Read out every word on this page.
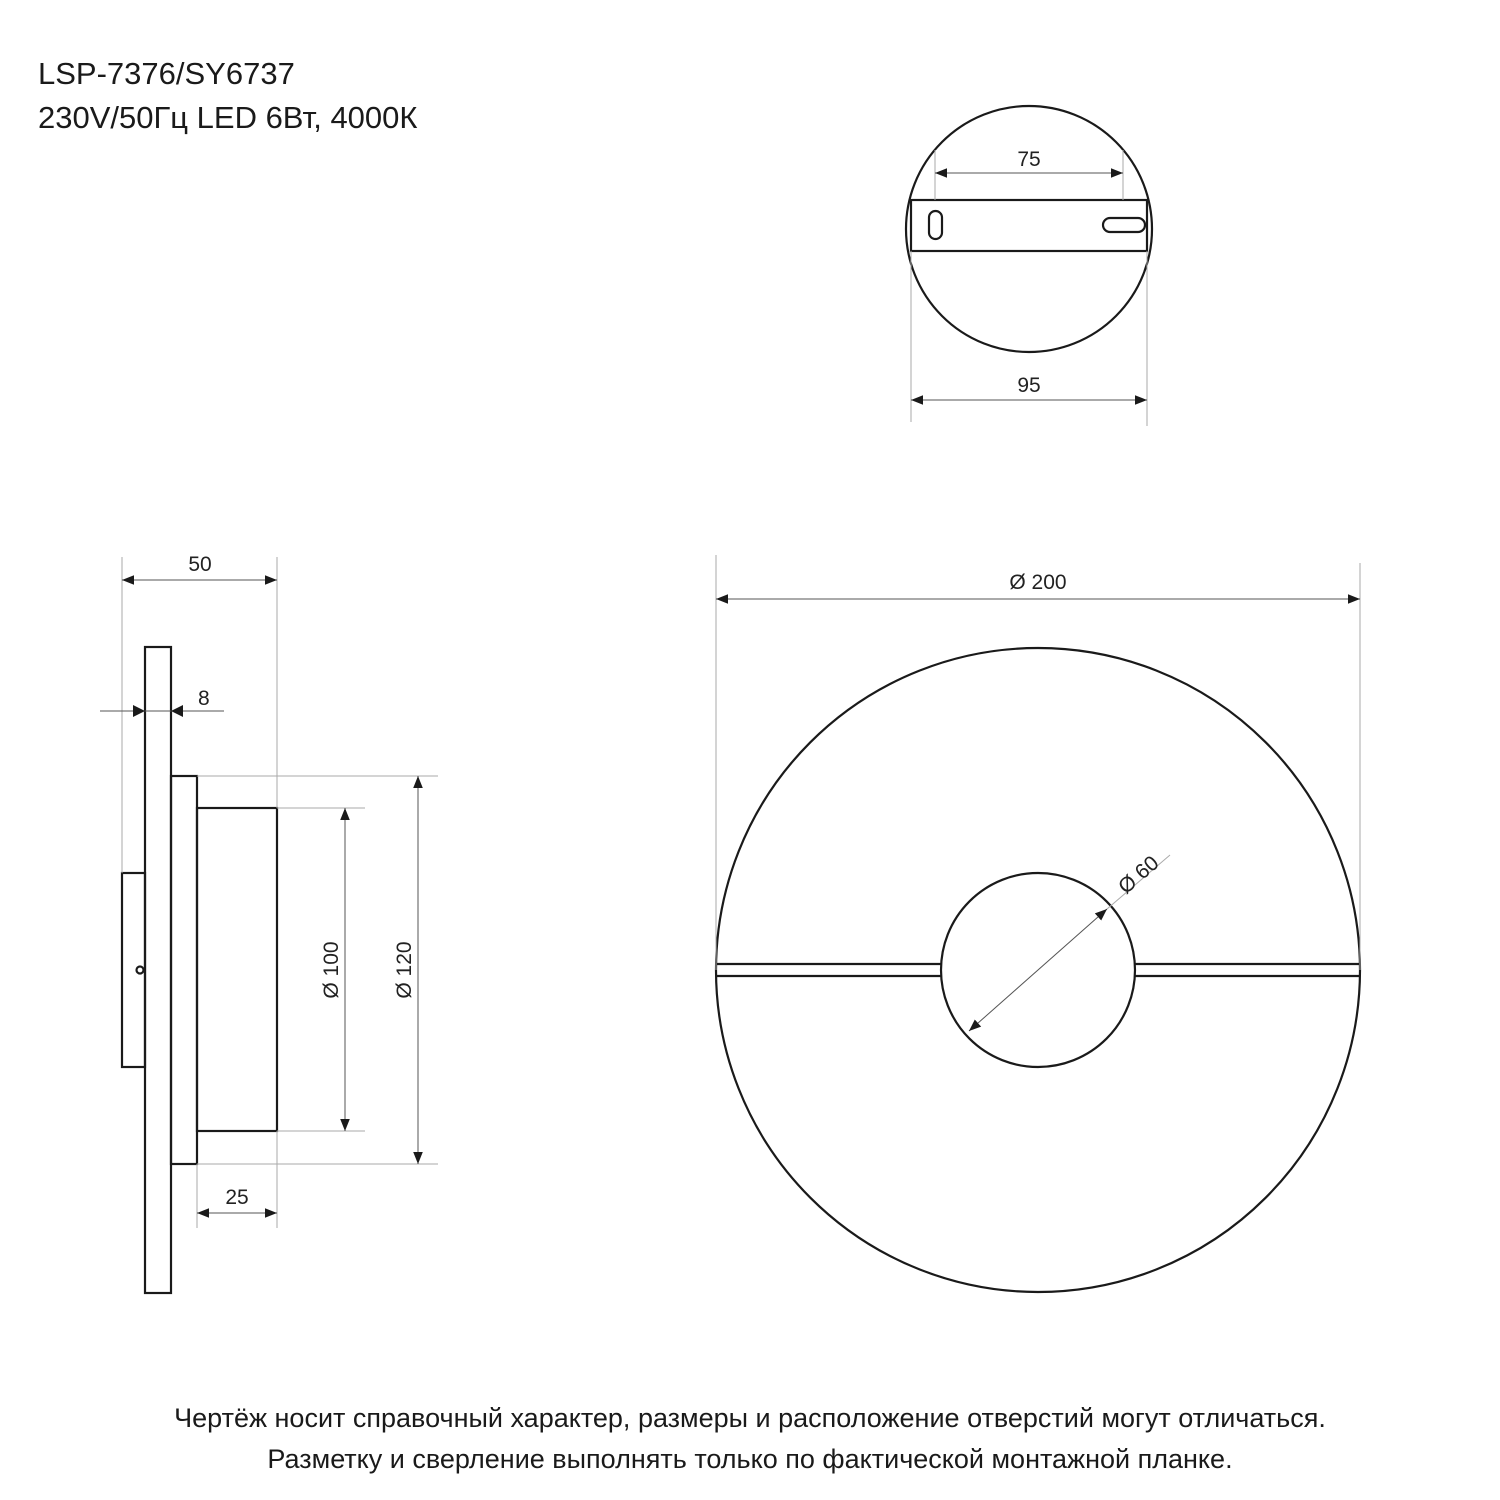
LSP-7376/SY6737
230V/50Гц LED 6Вт, 4000К
75
95
50
8
Ø 100 Ø 120
25
Ø 200
Ø 60
Чертёж носит справочный характер, размеры и расположение отверстий могут отличаться.
Разметку и сверление выполнять только по фактической монтажной планке.
